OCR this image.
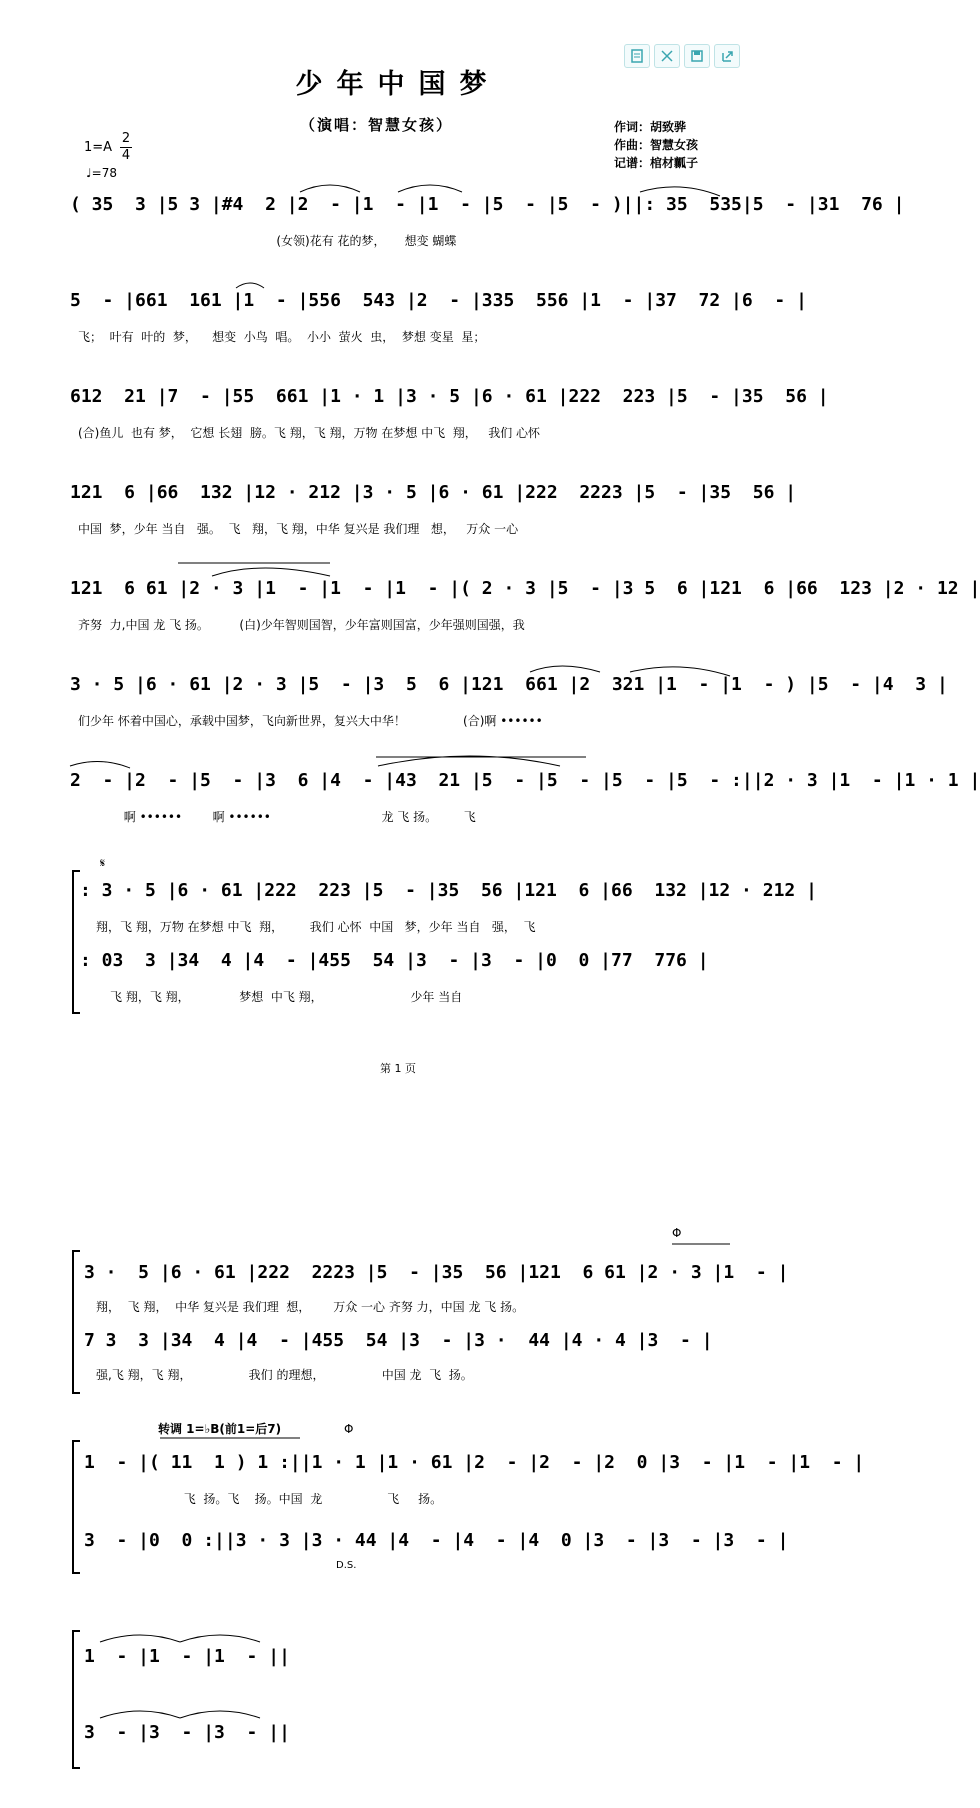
少年中国梦
（演唱：智慧女孩）	作词：胡致骅
作曲：智慧女孩
记谱：棺材瓤子
1=A
2
4
♩=78
( 35  3 |5 3 |#4  2 |2  - |1  - |1  - |5  - |5  - )||: 35  535|5  - |31  76 |
(女领)花有 花的梦，     想变 蝴蝶
5  - |661  161 |1  - |556  543 |2  - |335  556 |1  - |37  72 |6  - |
飞；  叶有  叶的  梦，    想变  小鸟  唱。  小小  萤火  虫，  梦想 变星  星；
612  21 |7  - |55  661 |1 · 1 |3 · 5 |6 · 61 |222  223 |5  - |35  56 |
(合)鱼儿  也有 梦，  它想 长翅  膀。飞 翔，飞 翔，万物 在梦想 中飞  翔，   我们 心怀
121  6 |66  132 |12 · 212 |3 · 5 |6 · 61 |222  2223 |5  - |35  56 |
中国  梦，少年 当自   强。  飞   翔，飞 翔，中华 复兴是 我们理   想，   万众 一心
121  6 61 |2 · 3 |1  - |1  - |1  - |( 2 · 3 |5  - |3 5  6 |121  6 |66  123 |2 · 12 |
齐努  力,中国 龙 飞 扬。        (白)少年智则国智，少年富则国富，少年强则国强，我
3 · 5 |6 · 61 |2 · 3 |5  - |3  5  6 |121  661 |2  321 |1  - |1  - ) |5  - |4  3 |
们少年 怀着中国心，承载中国梦，飞向新世界，复兴大中华！               (合)啊 ••••••
2  - |2  - |5  - |3  6 |4  - |43  21 |5  - |5  - |5  - |5  - :||2 · 3 |1  - |1 · 1 |
啊 ••••••        啊 ••••••                             龙 飞 扬。       飞
𝄋
: 3 · 5 |6 · 61 |222  223 |5  - |35  56 |121  6 |66  132 |12 · 212 |
翔，飞 翔，万物 在梦想 中飞  翔，       我们 心怀  中国   梦，少年 当自   强，  飞
: 03  3 |34  4 |4  - |455  54 |3  - |3  - |0  0 |77  776 |
飞 翔，飞 翔，             梦想  中飞 翔，                       少年 当自
第 1 页
Φ
3 ·  5 |6 · 61 |222  2223 |5  - |35  56 |121  6 61 |2 · 3 |1  - |
翔，  飞 翔，  中华 复兴是 我们理  想，      万众 一心 齐努 力，中国 龙 飞 扬。
7 3  3 |34  4 |4  - |455  54 |3  - |3 ·  44 |4 · 4 |3  - |
强,飞 翔，飞 翔，               我们 的理想，               中国 龙  飞  扬。
转调 1=♭B(前1=后7)	Φ
1  - |( 11  1 ) 1 :||1 · 1 |1 · 61 |2  - |2  - |2  0 |3  - |1  - |1  - |
飞  扬。飞    扬。中国  龙                 飞     扬。
3  - |0  0 :||3 · 3 |3 · 44 |4  - |4  - |4  0 |3  - |3  - |3  - |
D.S.
1  - |1  - |1  - ||
3  - |3  - |3  - ||
